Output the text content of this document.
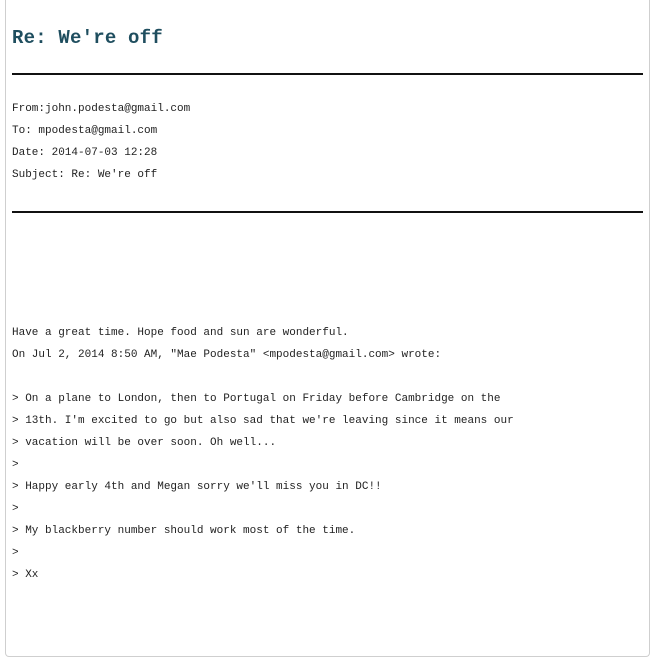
Re: We're off
From:john.podesta@gmail.com
To: mpodesta@gmail.com
Date: 2014-07-03 12:28
Subject: Re: We're off
Have a great time. Hope food and sun are wonderful.
On Jul 2, 2014 8:50 AM, "Mae Podesta" <mpodesta@gmail.com> wrote:
> On a plane to London, then to Portugal on Friday before Cambridge on the
> 13th. I'm excited to go but also sad that we're leaving since it means our
> vacation will be over soon. Oh well...
>
> Happy early 4th and Megan sorry we'll miss you in DC!!
>
> My blackberry number should work most of the time.
>
> Xx
